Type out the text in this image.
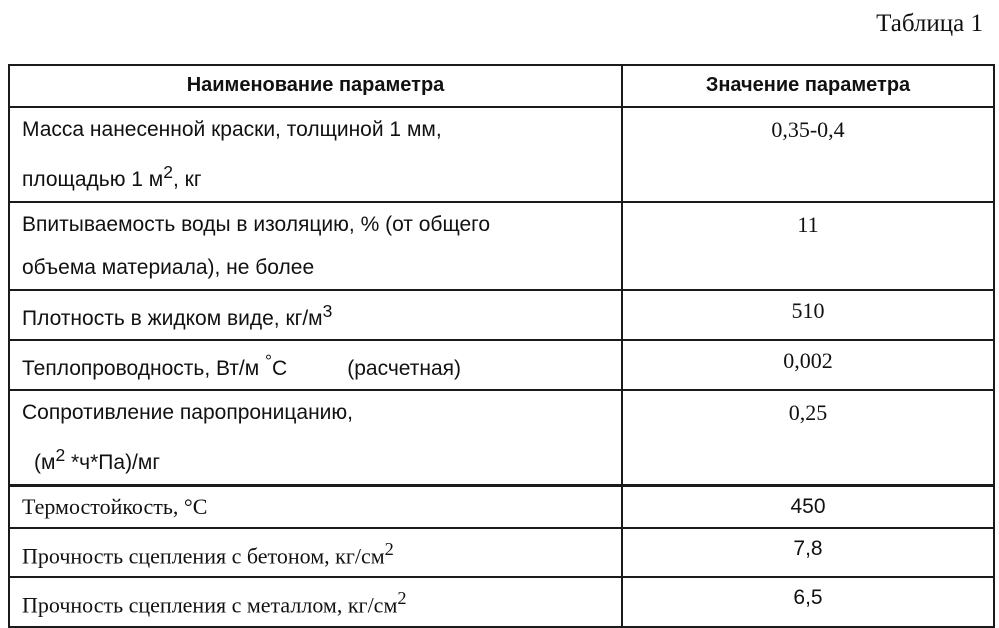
Таблица 1
Наименование параметра	Значение параметра

Масса нанесенной краски, толщиной 1 мм,
площадью 1 $м^2$, кг	0,35-0,4

Впитываемость воды в изоляцию, % (от общего
объема материала), не более	11
Плотность в жидком виде, $кг/м^3$	510
Теплопроводность, Вт/м °С (расчетная)	0,002

Сопротивление паропроницанию,
($м^2$ *ч*Па)/мг	0,25
Термостойкость, °С	450
Прочность сцепления с бетоном, $кг/см^2$	7,8
Прочность сцепления с металлом, $кг/см^2$	6,5
